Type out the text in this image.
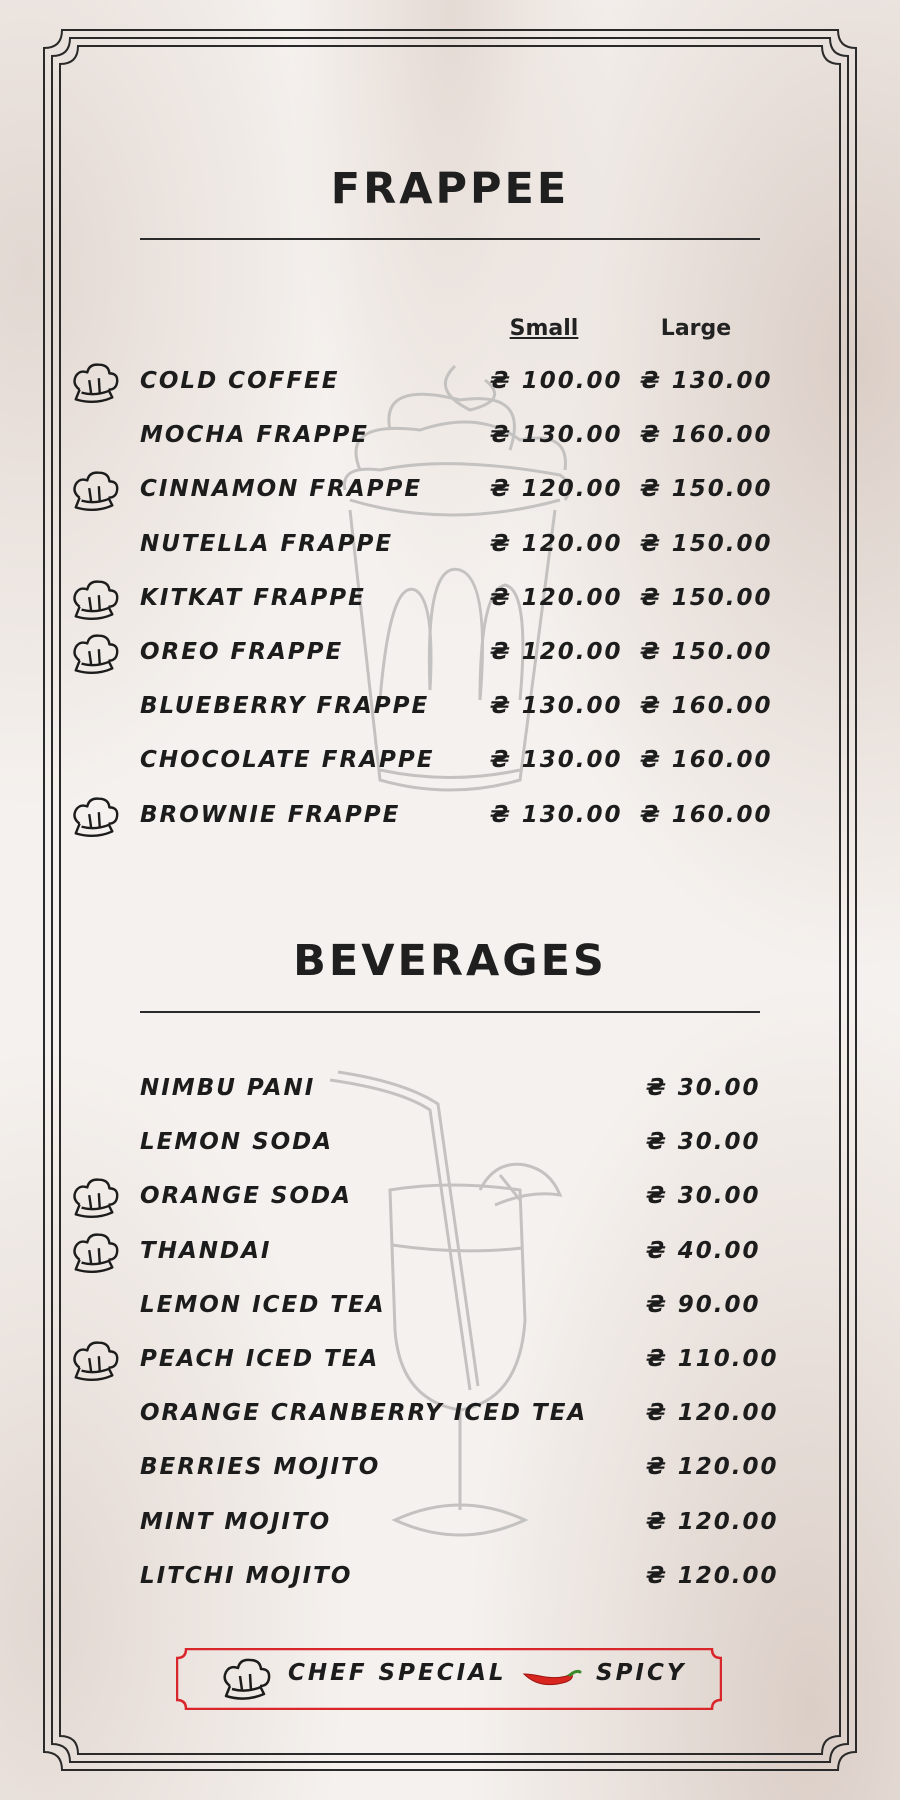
FRAPPEE
Small	Large
COLD COFFEE	₴ 100.00 ₴ 130.00
MOCHA FRAPPE	₴ 130.00 ₴ 160.00
CINNAMON FRAPPE	₴ 120.00 ₴ 150.00
NUTELLA FRAPPE	₴ 120.00 ₴ 150.00
KITKAT FRAPPE	₴ 120.00 ₴ 150.00
OREO FRAPPE	₴ 120.00 ₴ 150.00
BLUEBERRY FRAPPE	₴ 130.00 ₴ 160.00
CHOCOLATE FRAPPE ₴ 130.00 ₴ 160.00
BROWNIE FRAPPE	₴ 130.00 ₴ 160.00
BEVERAGES
NIMBU PANI	₴ 30.00
LEMON SODA	₴ 30.00
ORANGE SODA	₴ 30.00
THANDAI	₴ 40.00
LEMON ICED TEA	₴ 90.00
PEACH ICED TEA	₴ 110.00
ORANGE CRANBERRY ICED TEA	₴ 120.00
BERRIES MOJITO	₴ 120.00
MINT MOJITO	₴ 120.00
LITCHI MOJITO	₴ 120.00
CHEF SPECIAL	SPICY
